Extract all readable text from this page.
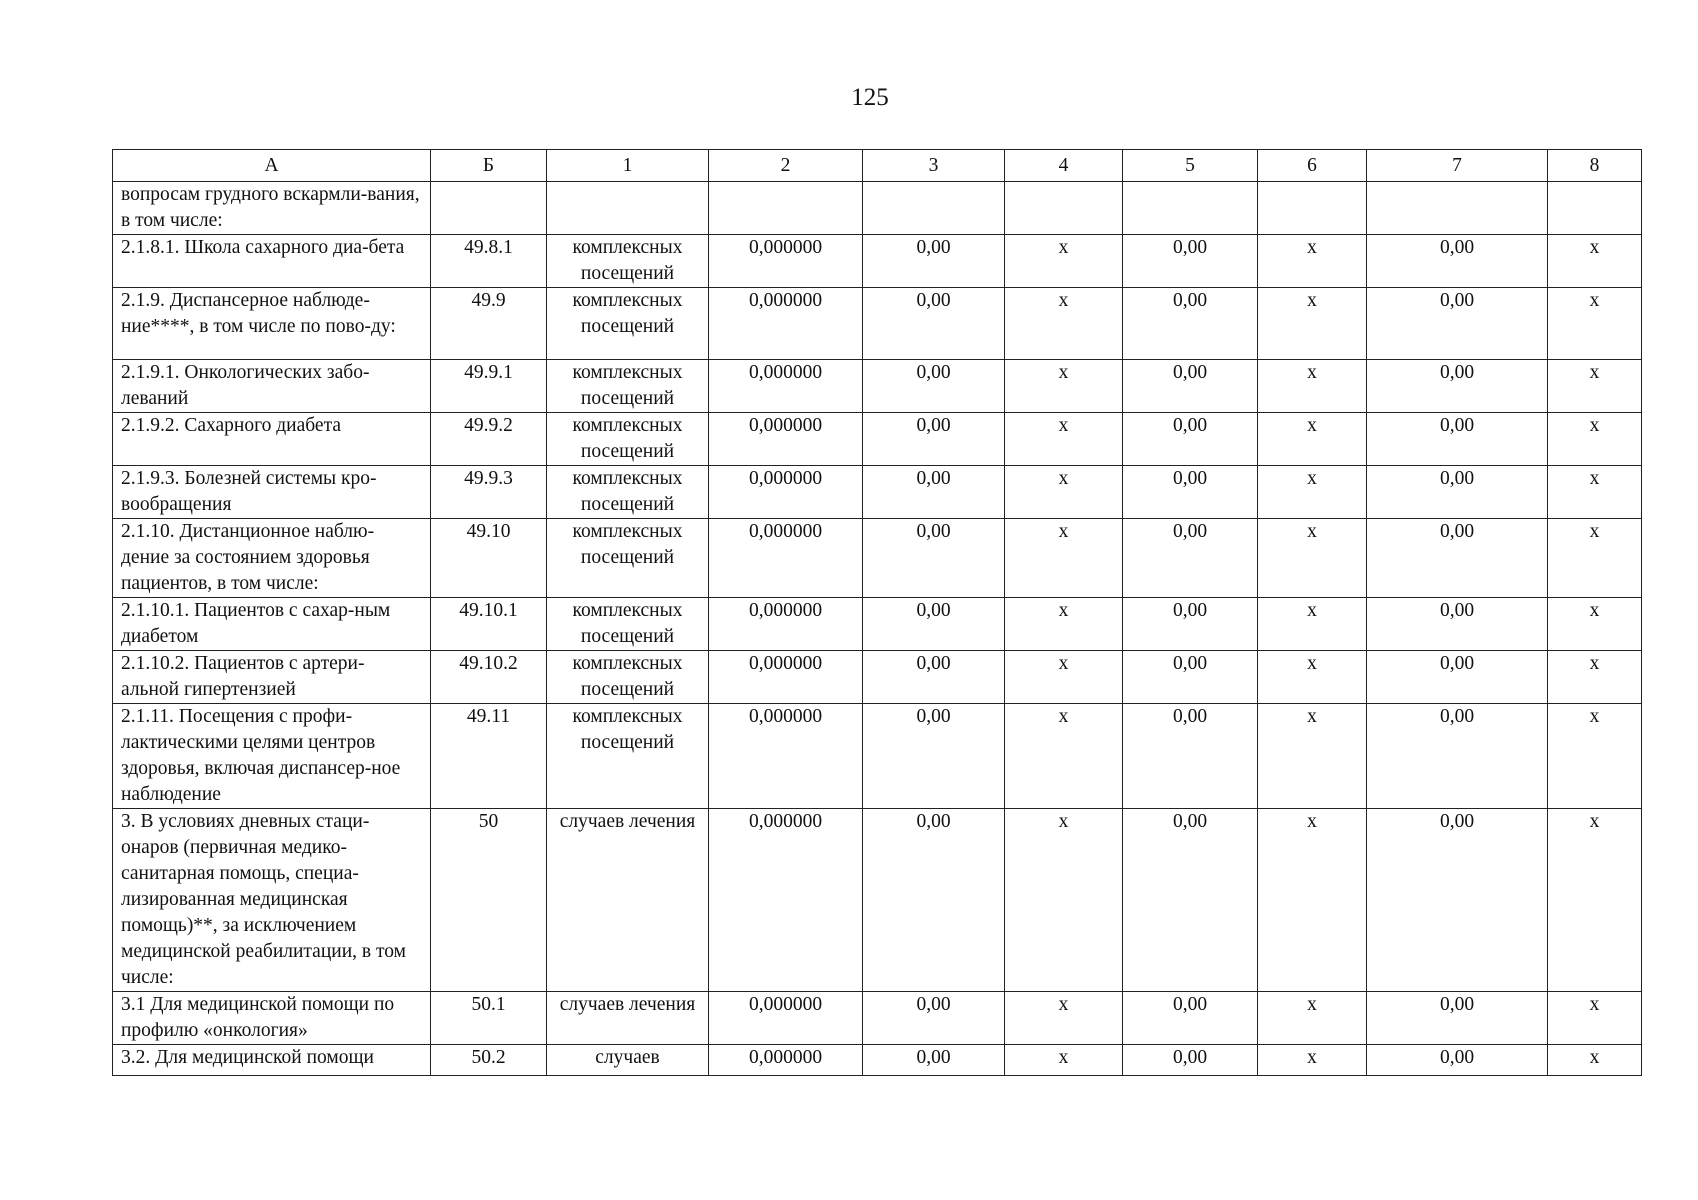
125
А	Б	1	2	3	4	5	6	7	8
вопросам грудного вскармли-вания, в том числе:									
2.1.8.1. Школа сахарного диа-бета	49.8.1	комплексных посещений	0,000000	0,00	х	0,00	х	0,00	х
2.1.9. Диспансерное наблюде-ние****, в том числе по пово-ду:	49.9	комплексных посещений	0,000000	0,00	х	0,00	х	0,00	х
2.1.9.1. Онкологических забо-леваний	49.9.1	комплексных посещений	0,000000	0,00	х	0,00	х	0,00	х
2.1.9.2. Сахарного диабета	49.9.2	комплексных посещений	0,000000	0,00	х	0,00	х	0,00	х
2.1.9.3. Болезней системы кро-вообращения	49.9.3	комплексных посещений	0,000000	0,00	х	0,00	х	0,00	х
2.1.10. Дистанционное наблю-дение за состоянием здоровья пациентов, в том числе:	49.10	комплексных посещений	0,000000	0,00	х	0,00	х	0,00	х
2.1.10.1. Пациентов с сахар-ным диабетом	49.10.1	комплексных посещений	0,000000	0,00	х	0,00	х	0,00	х
2.1.10.2. Пациентов с артери-альной гипертензией	49.10.2	комплексных посещений	0,000000	0,00	х	0,00	х	0,00	х
2.1.11. Посещения с профи-лактическими целями центров здоровья, включая диспансер-ное наблюдение	49.11	комплексных посещений	0,000000	0,00	х	0,00	х	0,00	х
3. В условиях дневных стаци-онаров (первичная медико-санитарная помощь, специа-лизированная медицинская помощь)**, за исключением медицинской реабилитации, в том числе:	50	случаев лечения	0,000000	0,00	х	0,00	х	0,00	х
3.1 Для медицинской помощи по профилю «онкология»	50.1	случаев лечения	0,000000	0,00	х	0,00	х	0,00	х
3.2. Для медицинской помощи	50.2	случаев	0,000000	0,00	х	0,00	х	0,00	х
